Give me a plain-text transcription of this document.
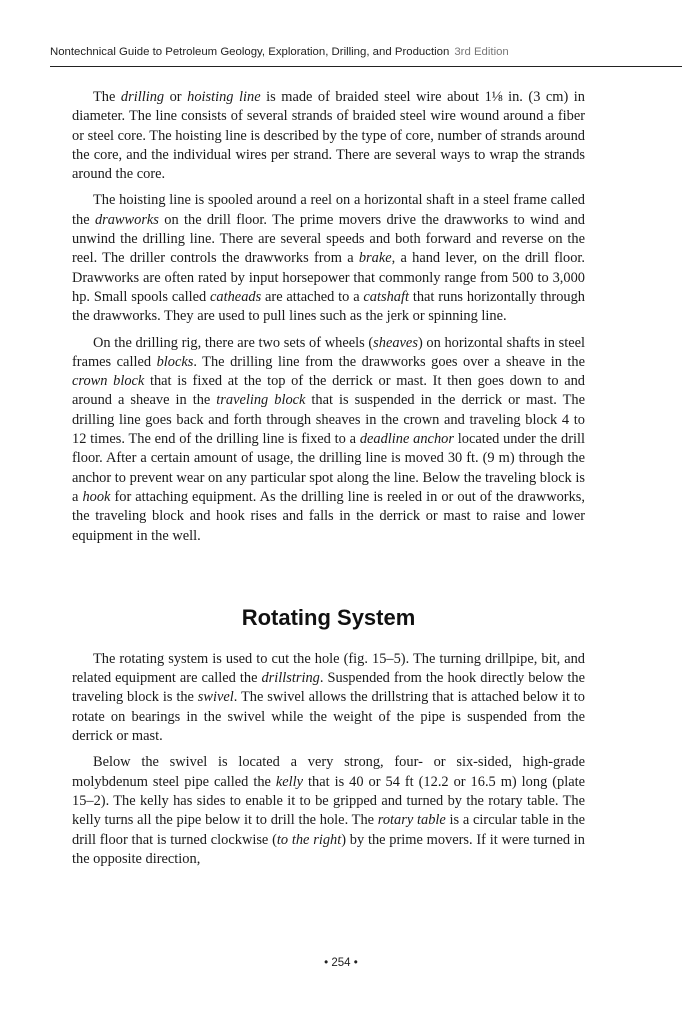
Nontechnical Guide to Petroleum Geology, Exploration, Drilling, and Production 3rd Edition

The drilling or hoisting line is made of braided steel wire about 1⅛ in. (3 cm) in diameter. The line consists of several strands of braided steel wire wound around a fiber or steel core. The hoisting line is described by the type of core, number of strands around the core, and the individual wires per strand. There are several ways to wrap the strands around the core.

The hoisting line is spooled around a reel on a horizontal shaft in a steel frame called the drawworks on the drill floor. The prime movers drive the drawworks to wind and unwind the drilling line. There are several speeds and both forward and reverse on the reel. The driller controls the drawworks from a brake, a hand lever, on the drill floor. Drawworks are often rated by input horsepower that commonly range from 500 to 3,000 hp. Small spools called catheads are attached to a catshaft that runs horizontally through the drawworks. They are used to pull lines such as the jerk or spinning line.

On the drilling rig, there are two sets of wheels (sheaves) on horizontal shafts in steel frames called blocks. The drilling line from the drawworks goes over a sheave in the crown block that is fixed at the top of the derrick or mast. It then goes down to and around a sheave in the traveling block that is suspended in the derrick or mast. The drilling line goes back and forth through sheaves in the crown and traveling block 4 to 12 times. The end of the drilling line is fixed to a deadline anchor located under the drill floor. After a certain amount of usage, the drilling line is moved 30 ft. (9 m) through the anchor to prevent wear on any particular spot along the line. Below the traveling block is a hook for attaching equipment. As the drilling line is reeled in or out of the drawworks, the traveling block and hook rises and falls in the derrick or mast to raise and lower equipment in the well.

Rotating System

The rotating system is used to cut the hole (fig. 15–5). The turning drillpipe, bit, and related equipment are called the drillstring. Suspended from the hook directly below the traveling block is the swivel. The swivel allows the drillstring that is attached below it to rotate on bearings in the swivel while the weight of the pipe is suspended from the derrick or mast.

Below the swivel is located a very strong, four- or six-sided, high-grade molybdenum steel pipe called the kelly that is 40 or 54 ft (12.2 or 16.5 m) long (plate 15–2). The kelly has sides to enable it to be gripped and turned by the rotary table. The kelly turns all the pipe below it to drill the hole. The rotary table is a circular table in the drill floor that is turned clockwise (to the right) by the prime movers. If it were turned in the opposite direction,

• 254 •
